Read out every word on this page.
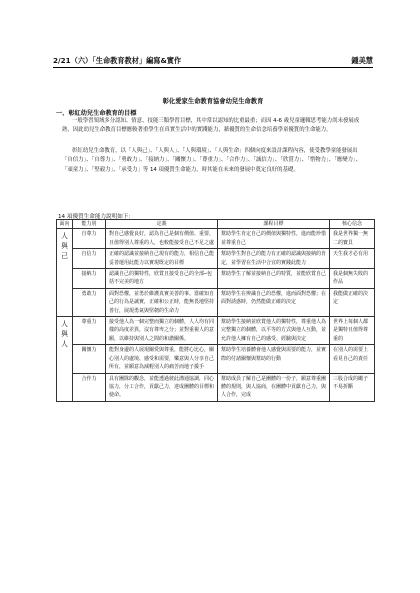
2/21（六）「生命教育教材」編寫&實作	鍾美慧
彰化愛家生命教育協會幼兒生命教育
一、彰紅幼兒生命教育的目標
一般學習領域多分認知、情意、技能三類學習目標，其中常以認知的比重最重；而因 4-6 歲兒童邏輯思考能力尚未發展成熟，因此幼兒生命教育目標應較著重學生在真實生活中的實踐能力，藉優質的生命信念培養學童優質的生命能力。
彰紅幼兒生命教育，以「人與己」、「人與人」、「人與環境」、「人與生命」四個向度來設計課程內容，使受教學童能發展出「自信力」、「自尊力」、「勇敢力」、「接納力」、「關懷力」、「尊重力」、「合作力」、「誠信力」、「欣賞力」、「惜物力」、「應變力」、「頑童力」、「堅毅力」、「承受力」等 14 項優質生命能力，時其能在未來的發展中奠定良好的基礎。
14 項優質生命能力說明如下：
面向	能力別	定義	課程目標	核心信念
人與己	自尊力	對自己感覺良好，認為自己是個有價值、重要、且值得別人尊重的人，也較能接受自己不足之處	幫助學生肯定自己的價值與獨特性，進而能珍惜並尊重自己	我是世界獨一無二的寶貝
	自信力	正確的認識並接納自己現有的能力，相信自己能妥善運用此能力以實現既定的目標	幫助學生對自己的能力有正確的認識與接納的肯定，並學習在生活中合宜的實踐此能力	天生我才必有用
	接納力	認識自己的獨特性，欣賞且接受自己的全部─包括不完美的地方	幫助學生了解並接納自己的特質，並能欣賞自己	我是個無失敗的作品
	勇敢力	面對恐懼，並勇於維護真實美善的事。當確知自己的行為是誠實，正確和公正時，能無畏地堅持善行，展現勇氣與堅韌的生命力	幫助學生在辨識自己的恐懼，進而面對恐懼；在面對誘惑時，仍然能做正確的決定	我能做正確的決定
人與人	尊重力	接受他人為一個完整而獨立的個體，人人均有同樣的高度差異，沒有尊卑之分；並對重視人的意願，以維持與別人之間的和諧關係。	幫助學生接納並欣賞他人的獨特性，尊重他人為完整獨立的個體，以平等的方式與他人互動，並允許他人擁有自己的感受、經驗與決定	世界上每個人都是獨特且值得尊重的
	關懷力	能對身邊的人展現關愛與尊重，能將心比心，關心別人的處境、感受和需要，樂意與人分享自己所有，並願意為減輕別人的痛苦而地子援手	幫助學生培養體會他人感覺與需要的能力，並實際的付諸關懷與幫助的行動	在別人的需要上看見自己的責任
	合作力	具有團隊的觀念，並能透過彼此溝通協調，同心協力，分工合作，貢獻己力，達成團體的目標和使命。	幫助成員了解自己是團體的一份子，願意尊重團體的規則，與人協商，在團體中貢獻自己力，與人合作，完成	三股合成的繩子不易折斷
